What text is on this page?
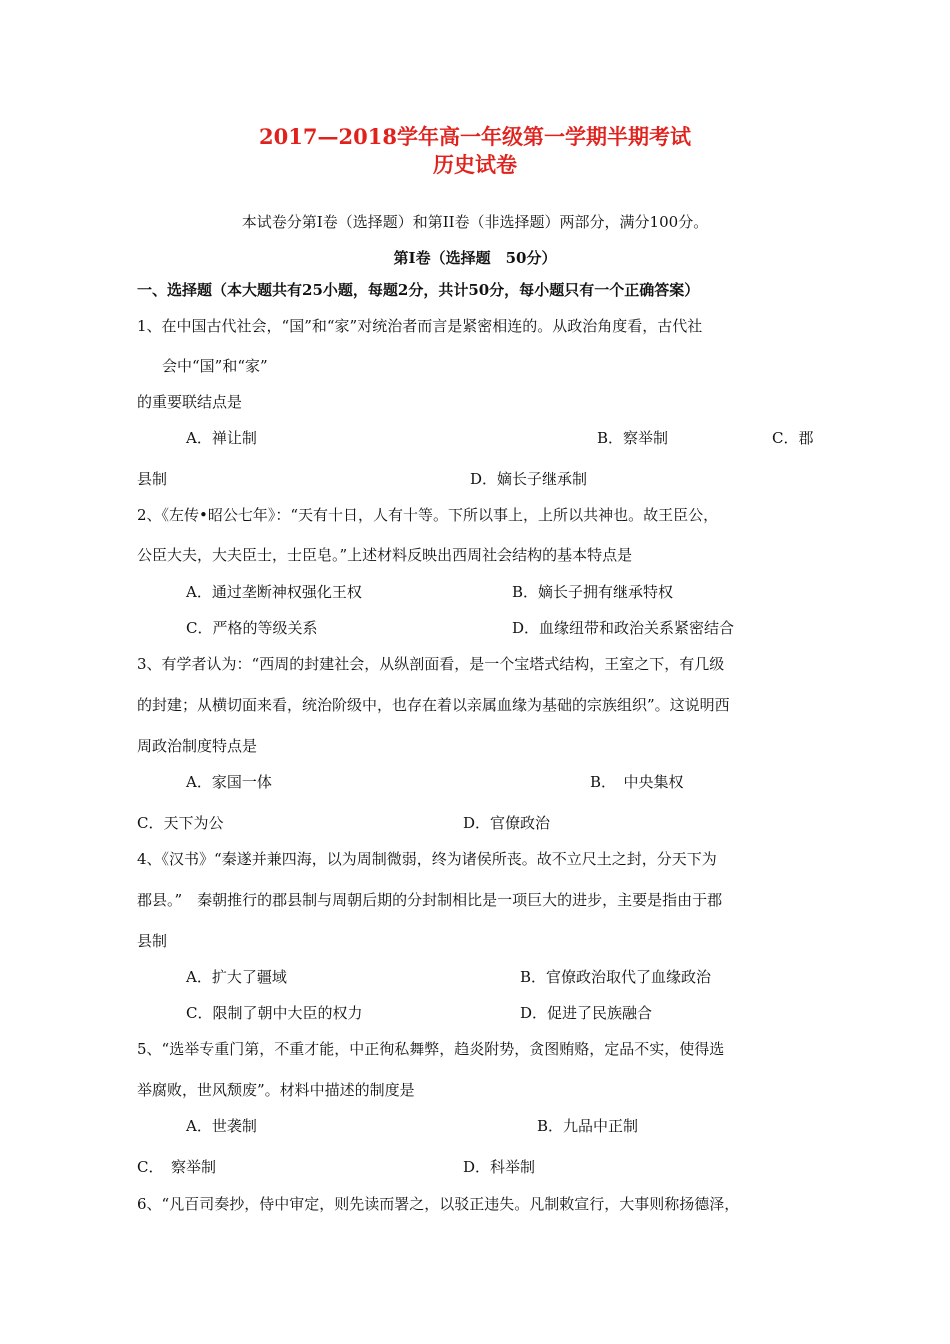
2017—2018学年高一年级第一学期半期考试
历史试卷
本试卷分第I卷（选择题）和第II卷（非选择题）两部分，满分100分。
第I卷（选择题　50分）
一、选择题（本大题共有25小题，每题2分，共计50分，每小题只有一个正确答案）
1、在中国古代社会，“国”和“家”对统治者而言是紧密相连的。从政治角度看，古代社
会中“国”和“家”
的重要联结点是
A．禅让制	B．察举制	C．郡
县制	D．嫡长子继承制
2、《左传•昭公七年》：“天有十日，人有十等。下所以事上，上所以共神也。故王臣公，
公臣大夫，大夫臣士，士臣皂。”上述材料反映出西周社会结构的基本特点是
A．通过垄断神权强化王权	B．嫡长子拥有继承特权
C．严格的等级关系	D．血缘纽带和政治关系紧密结合
3、有学者认为：“西周的封建社会，从纵剖面看，是一个宝塔式结构，王室之下，有几级
的封建；从横切面来看，统治阶级中，也存在着以亲属血缘为基础的宗族组织”。这说明西
周政治制度特点是
A．家国一体	B．　中央集权
C．天下为公	D．官僚政治
4、《汉书》“秦遂并兼四海，以为周制微弱，终为诸侯所丧。故不立尺土之封，分天下为
郡县。”　秦朝推行的郡县制与周朝后期的分封制相比是一项巨大的进步，主要是指由于郡
县制
A．扩大了疆域	B．官僚政治取代了血缘政治
C．限制了朝中大臣的权力	D．促进了民族融合
5、“选举专重门第，不重才能，中正徇私舞弊，趋炎附势，贪图贿赂，定品不实，使得选
举腐败，世风颓废”。材料中描述的制度是
A．世袭制	B．九品中正制
C．　察举制	D．科举制
6、“凡百司奏抄，侍中审定，则先读而署之，以驳正违失。凡制敕宣行，大事则称扬德泽，
